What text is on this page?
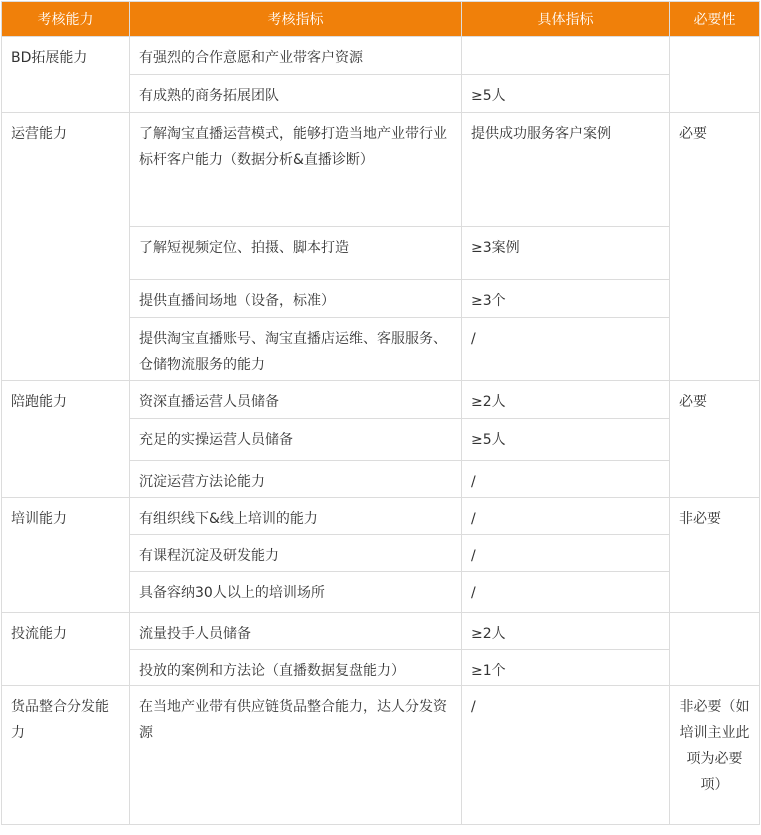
考核能力	考核指标	具体指标	必要性
BD拓展能力	有强烈的合作意愿和产业带客户资源		
	有成熟的商务拓展团队	≥5人	
运营能力	了解淘宝直播运营模式，能够打造当地产业带行业标杆客户能力（数据分析&直播诊断）	提供成功服务客户案例	必要
	了解短视频定位、拍摄、脚本打造	≥3案例	
	提供直播间场地（设备，标准）	≥3个	
	提供淘宝直播账号、淘宝直播店运维、客服服务、仓储物流服务的能力	/	
陪跑能力	资深直播运营人员储备	≥2人	必要
	充足的实操运营人员储备	≥5人	
	沉淀运营方法论能力	/	
培训能力	有组织线下&线上培训的能力	/	非必要
	有课程沉淀及研发能力	/	
	具备容纳30人以上的培训场所	/	
投流能力	流量投手人员储备	≥2人	
	投放的案例和方法论（直播数据复盘能力）	≥1个	
货品整合分发能力	在当地产业带有供应链货品整合能力，达人分发资源	/	非必要（如培训主业此项为必要项）
